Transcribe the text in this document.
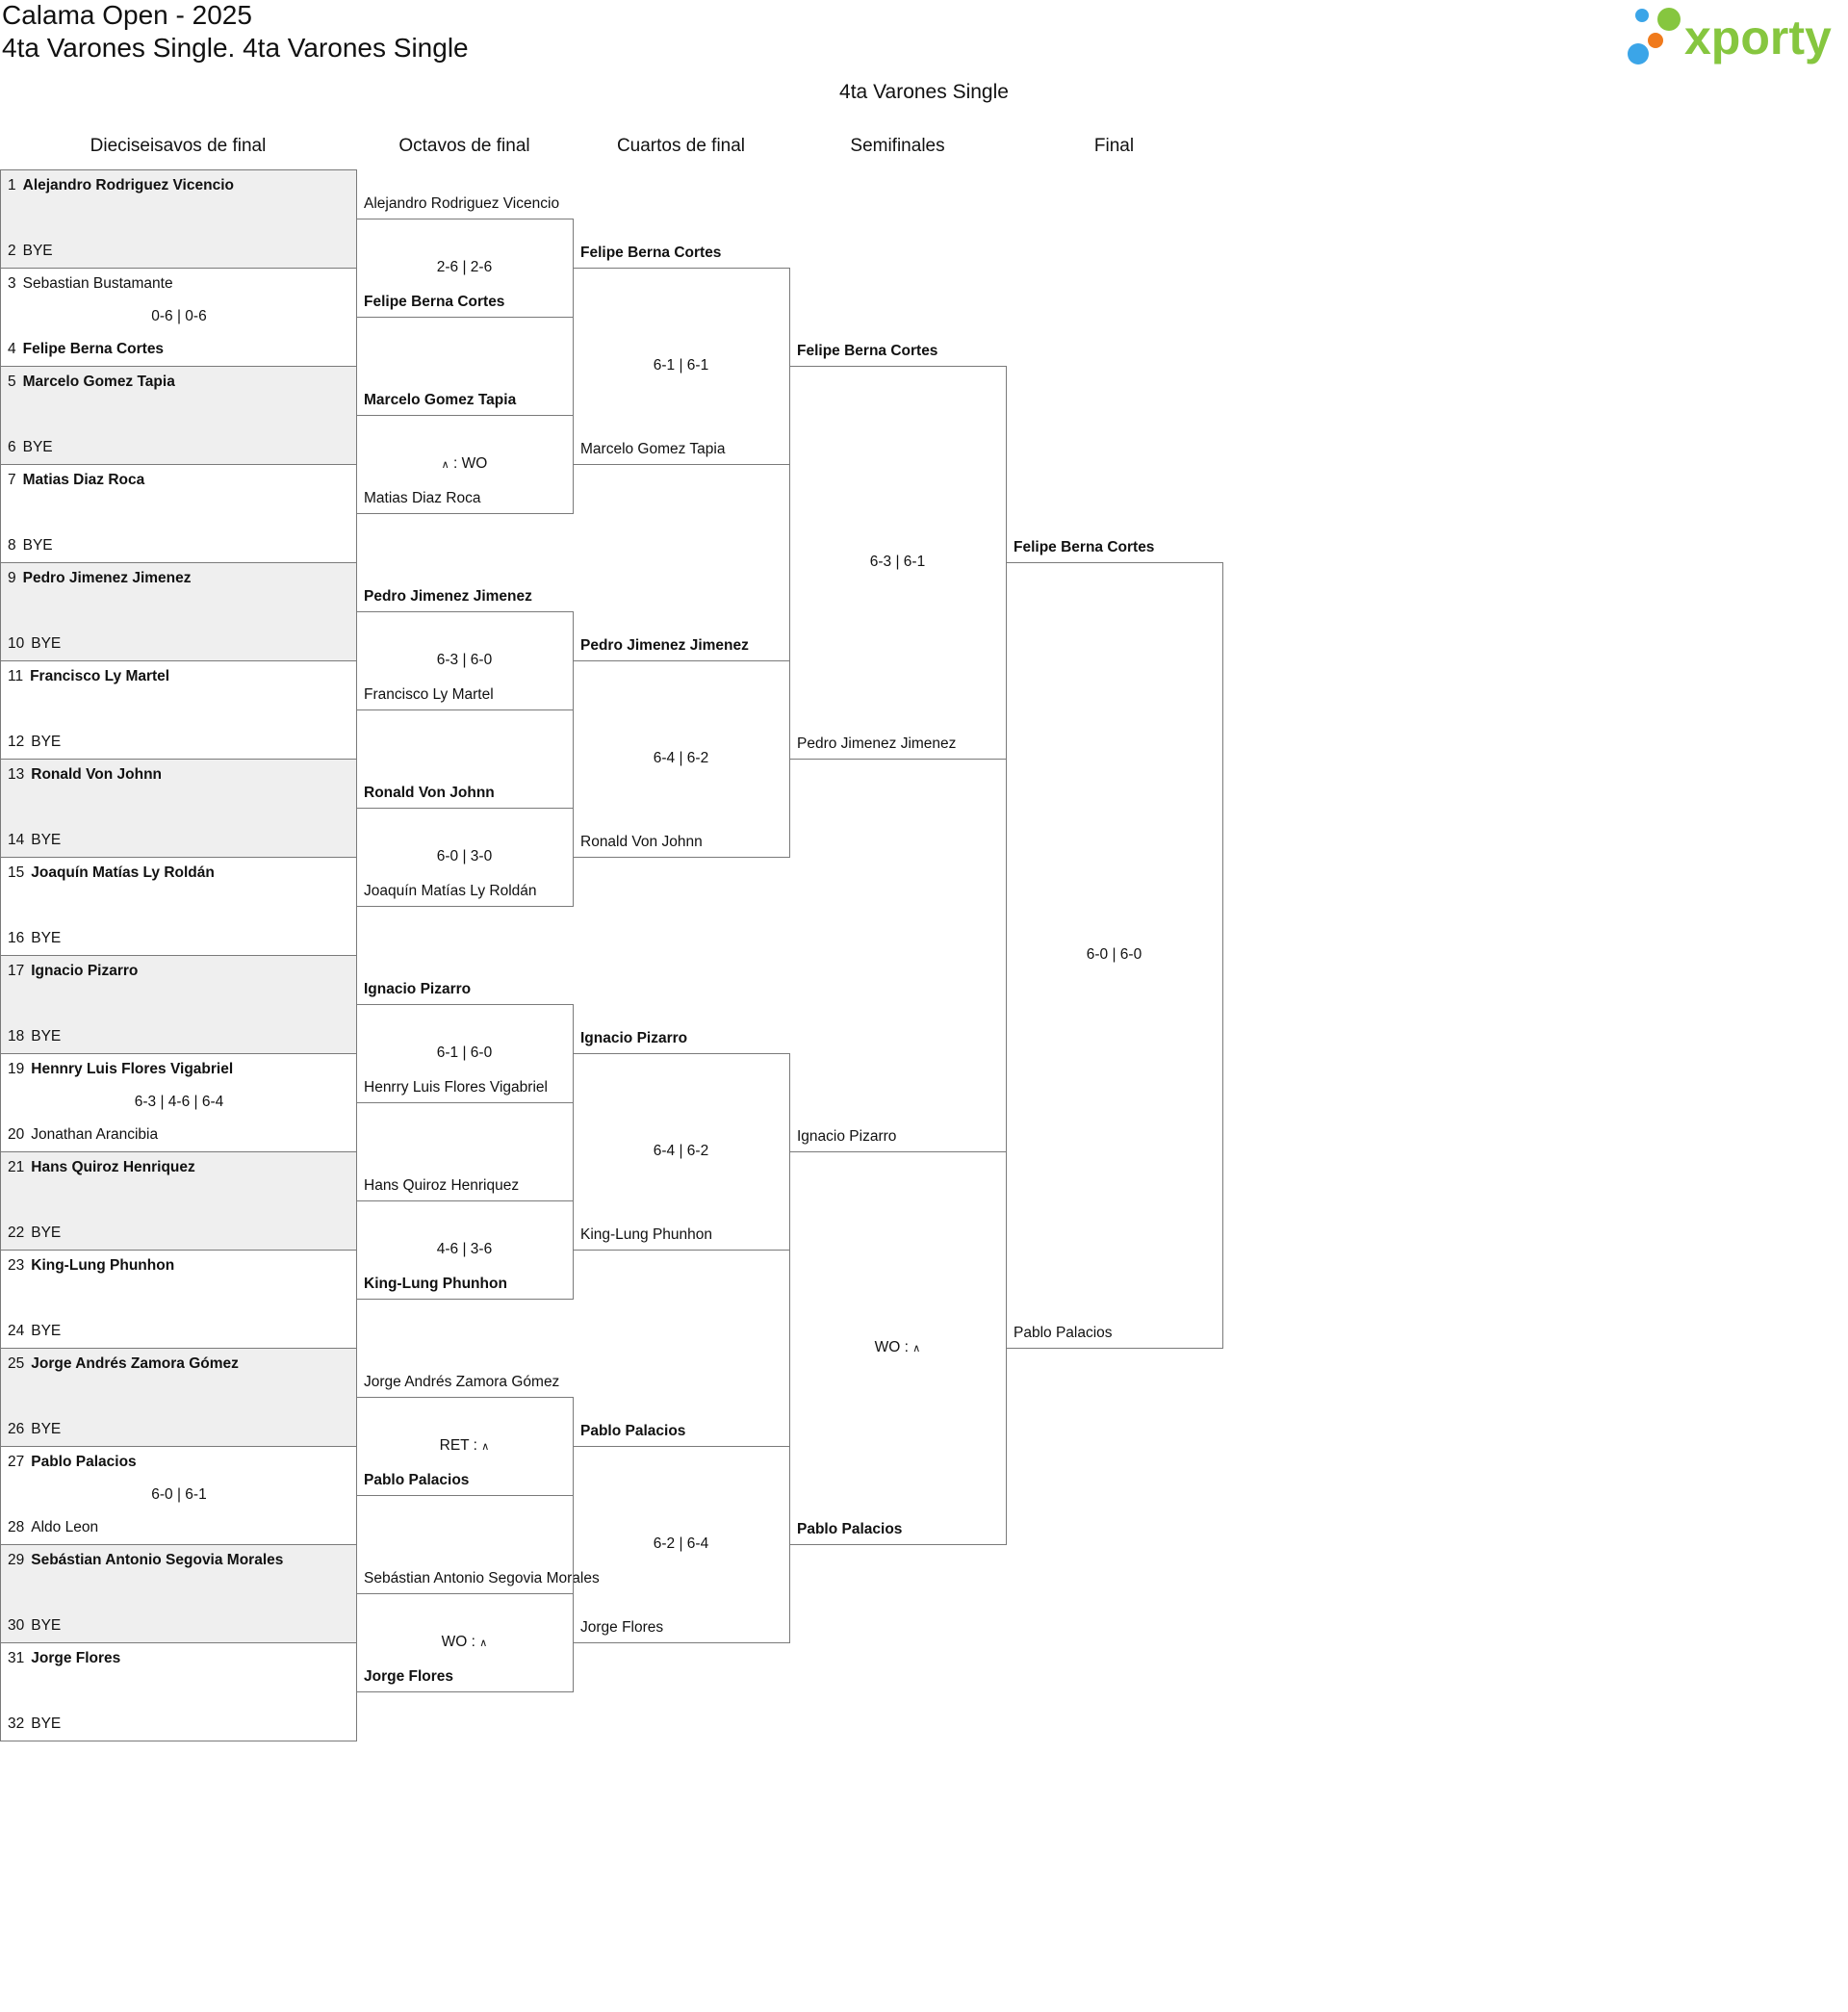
Calama Open - 2025
4ta Varones Single. 4ta Varones Single	xporty
4ta Varones Single
Dieciseisavos de final	Octavos de final	Cuartos de final	Semifinales	Final
1 Alejandro Rodriguez Vicencio
2 BYE
3 Sebastian Bustamante
4 Felipe Berna Cortes
0-6 | 0-6
5 Marcelo Gomez Tapia
6 BYE
7 Matias Diaz Roca
8 BYE
9 Pedro Jimenez Jimenez
10 BYE
11 Francisco Ly Martel
12 BYE
13 Ronald Von Johnn
14 BYE
15 Joaquín Matías Ly Roldán
16 BYE
17 Ignacio Pizarro
18 BYE
19 Hennry Luis Flores Vigabriel
20 Jonathan Arancibia
6-3 | 4-6 | 6-4
21 Hans Quiroz Henriquez
22 BYE
23 King-Lung Phunhon
24 BYE
25 Jorge Andrés Zamora Gómez
26 BYE
27 Pablo Palacios
28 Aldo Leon
6-0 | 6-1
29 Sebástian Antonio Segovia Morales
30 BYE
31 Jorge Flores
32 BYE
Alejandro Rodriguez Vicencio
Felipe Berna Cortes
2-6 | 2-6
Marcelo Gomez Tapia
Matias Diaz Roca
∧ : WO
Pedro Jimenez Jimenez
Francisco Ly Martel
6-3 | 6-0
Ronald Von Johnn
Joaquín Matías Ly Roldán
6-0 | 3-0
Ignacio Pizarro
Henrry Luis Flores Vigabriel
6-1 | 6-0
Hans Quiroz Henriquez
King-Lung Phunhon
4-6 | 3-6
Jorge Andrés Zamora Gómez
Pablo Palacios
RET : ∧
Sebástian Antonio Segovia Morales
Jorge Flores
WO : ∧
Felipe Berna Cortes
Marcelo Gomez Tapia
6-1 | 6-1
Pedro Jimenez Jimenez
Ronald Von Johnn
6-4 | 6-2
Ignacio Pizarro
King-Lung Phunhon
6-4 | 6-2
Pablo Palacios
Jorge Flores
6-2 | 6-4
Felipe Berna Cortes
Pedro Jimenez Jimenez
6-3 | 6-1
Ignacio Pizarro
Pablo Palacios
WO : ∧
Felipe Berna Cortes
Pablo Palacios
6-0 | 6-0
